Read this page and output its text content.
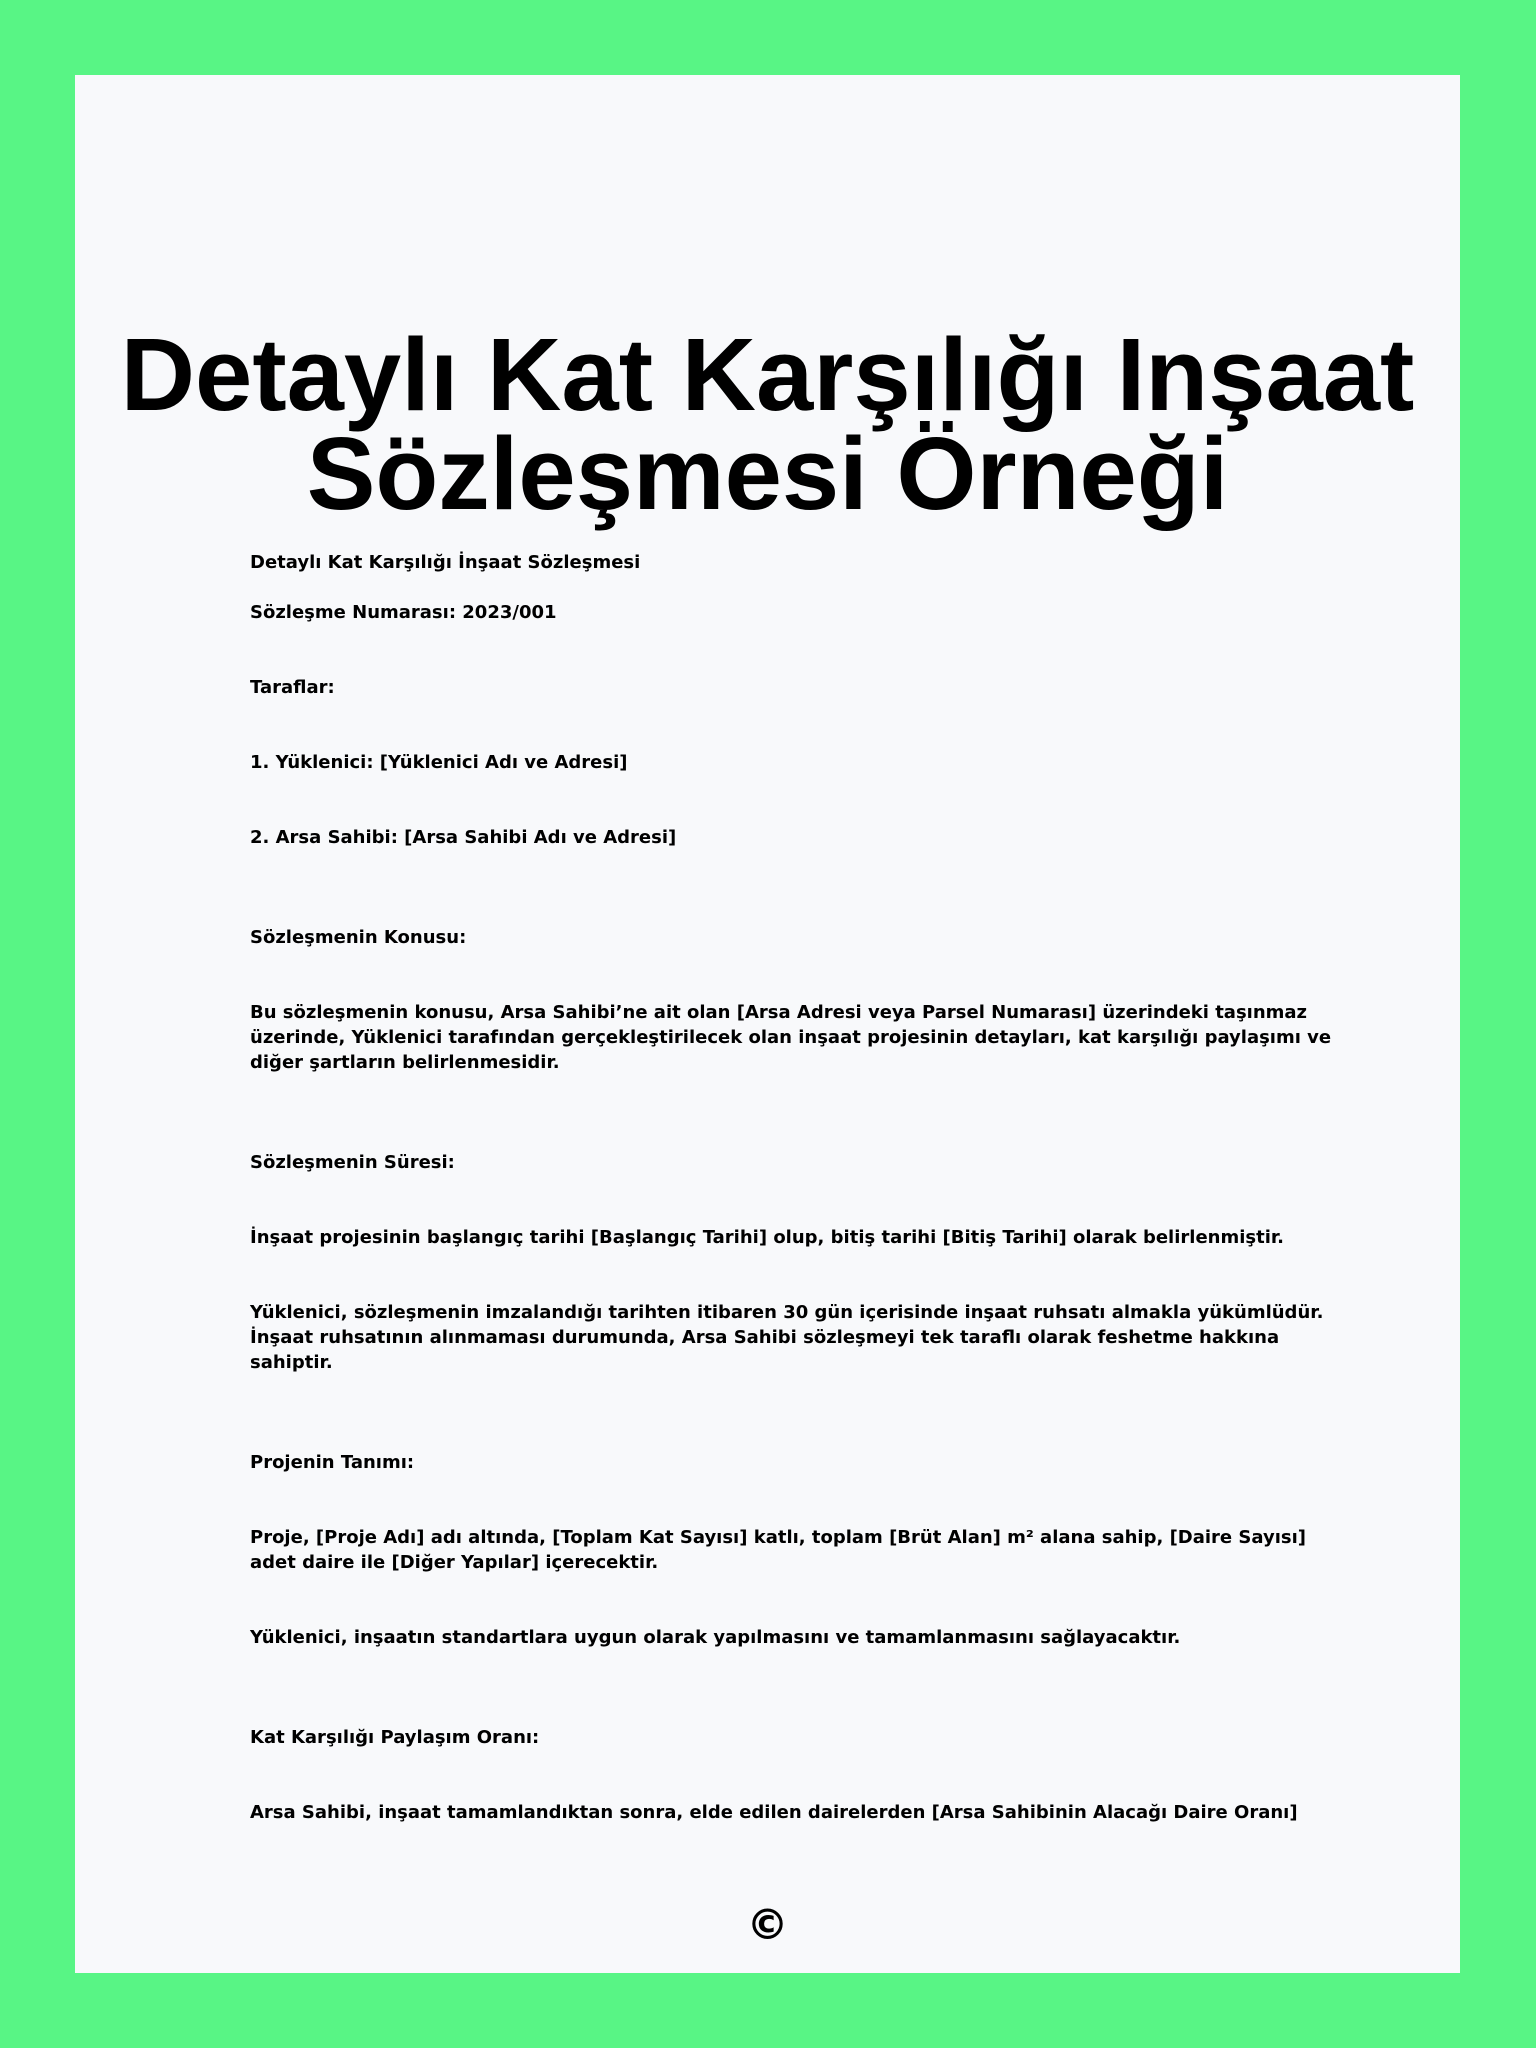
Detaylı Kat Karşılığı Inşaat
Sözleşmesi Örneği

Detaylı Kat Karşılığı İnşaat Sözleşmesi

Sözleşme Numarası: 2023/001

Taraflar:

1. Yüklenici: [Yüklenici Adı ve Adresi]

2. Arsa Sahibi: [Arsa Sahibi Adı ve Adresi]

Sözleşmenin Konusu:

Bu sözleşmenin konusu, Arsa Sahibi’ne ait olan [Arsa Adresi veya Parsel Numarası] üzerindeki taşınmaz üzerinde, Yüklenici tarafından gerçekleştirilecek olan inşaat projesinin detayları, kat karşılığı paylaşımı ve diğer şartların belirlenmesidir.

Sözleşmenin Süresi:

İnşaat projesinin başlangıç tarihi [Başlangıç Tarihi] olup, bitiş tarihi [Bitiş Tarihi] olarak belirlenmiştir.

Yüklenici, sözleşmenin imzalandığı tarihten itibaren 30 gün içerisinde inşaat ruhsatı almakla yükümlüdür. İnşaat ruhsatının alınmaması durumunda, Arsa Sahibi sözleşmeyi tek taraflı olarak feshetme hakkına sahiptir.

Projenin Tanımı:

Proje, [Proje Adı] adı altında, [Toplam Kat Sayısı] katlı, toplam [Brüt Alan] m² alana sahip, [Daire Sayısı] adet daire ile [Diğer Yapılar] içerecektir.

Yüklenici, inşaatın standartlara uygun olarak yapılmasını ve tamamlanmasını sağlayacaktır.

Kat Karşılığı Paylaşım Oranı:

Arsa Sahibi, inşaat tamamlandıktan sonra, elde edilen dairelerden [Arsa Sahibinin Alacağı Daire Oranı]

©
